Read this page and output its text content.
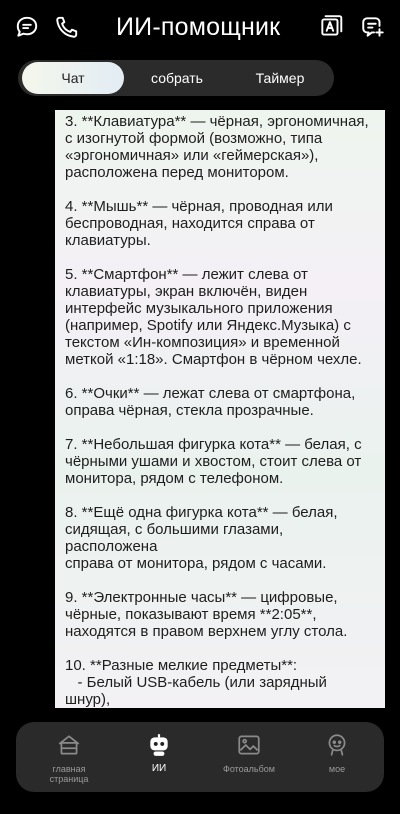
ИИ-помощник
Чат	собрать	Таймер
3. **Клавиатура** — чёрная, эргономичная,
с изогнутой формой (возможно, типа
«эргономичная» или «геймерская»),
расположена перед монитором.

4. **Мышь** — чёрная, проводная или
беспроводная, находится справа от
клавиатуры.

5. **Смартфон** — лежит слева от
клавиатуры, экран включён, виден
интерфейс музыкального приложения
(например, Spotify или Яндекс.Музыка) с
текстом «Ин-композиция» и временной
меткой «1:18». Смартфон в чёрном чехле.

6. **Очки** — лежат слева от смартфона,
оправа чёрная, стекла прозрачные.

7. **Небольшая фигурка кота** — белая, с
чёрными ушами и хвостом, стоит слева от
монитора, рядом с телефоном.

8. **Ещё одна фигурка кота** — белая,
сидящая, с большими глазами, расположена
справа от монитора, рядом с часами.

9. **Электронные часы** — цифровые,
чёрные, показывают время **2:05**,
находятся в правом верхнем углу стола.

10. **Разные мелкие предметы**:
- Белый USB-кабель (или зарядный шнур),

главная
страница
ИИ	Фотоальбом	мое
